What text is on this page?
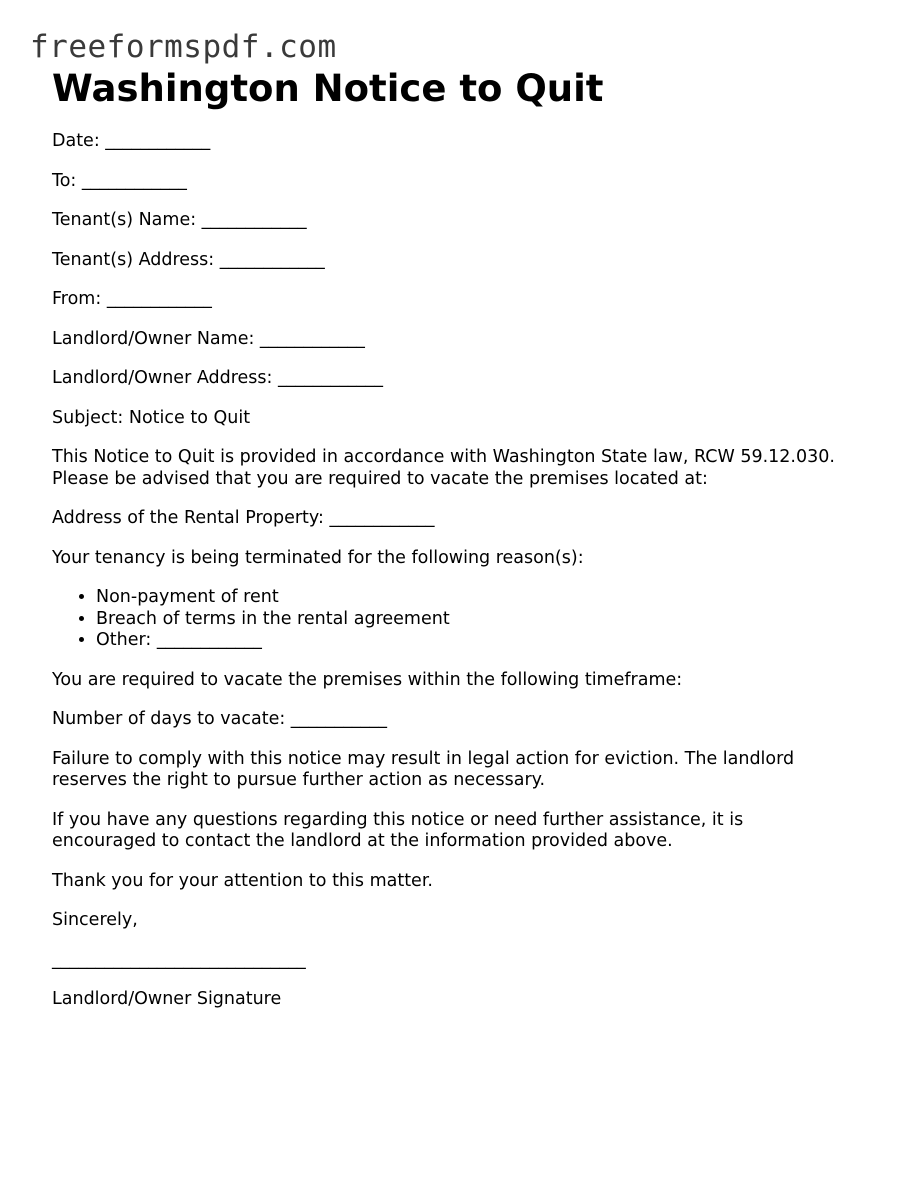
freeformspdf.com
Washington Notice to Quit

Date: ____________

To: ____________

Tenant(s) Name: ____________

Tenant(s) Address: ____________

From: ____________

Landlord/Owner Name: ____________

Landlord/Owner Address: ____________

Subject: Notice to Quit

This Notice to Quit is provided in accordance with Washington State law, RCW 59.12.030.
Please be advised that you are required to vacate the premises located at:

Address of the Rental Property: ____________

Your tenancy is being terminated for the following reason(s):

• Non-payment of rent
• Breach of terms in the rental agreement
• Other: ____________

You are required to vacate the premises within the following timeframe:

Number of days to vacate: ___________

Failure to comply with this notice may result in legal action for eviction. The landlord
reserves the right to pursue further action as necessary.

If you have any questions regarding this notice or need further assistance, it is
encouraged to contact the landlord at the information provided above.

Thank you for your attention to this matter.

Sincerely,

_____________________________

Landlord/Owner Signature
